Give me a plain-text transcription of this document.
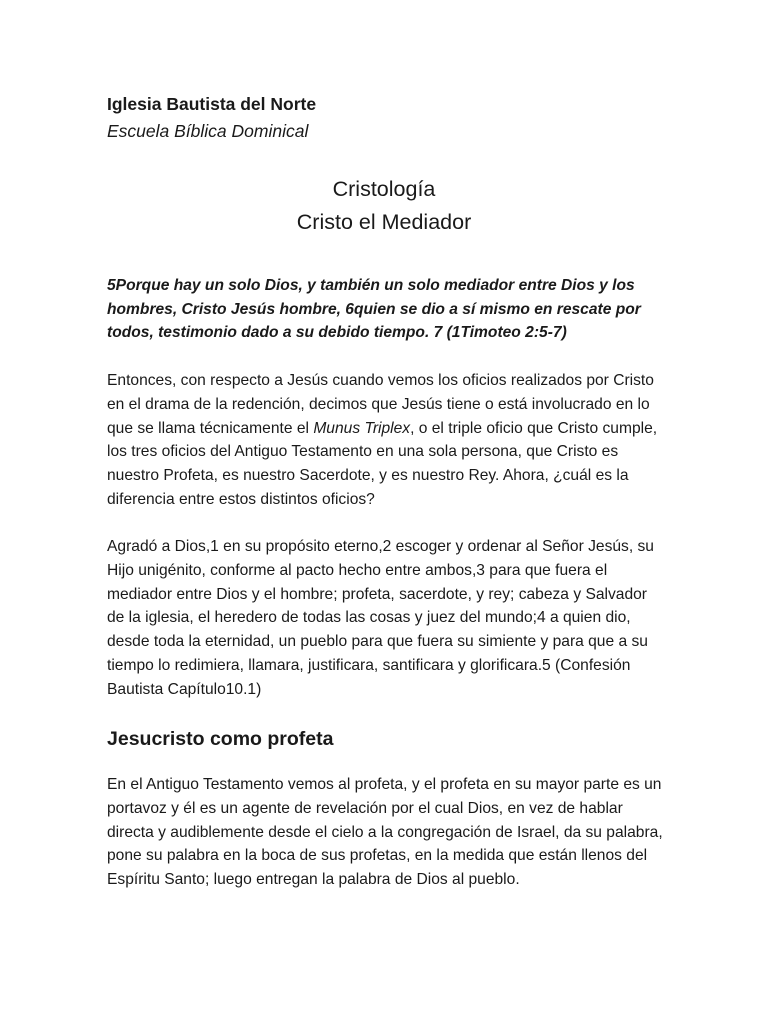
Iglesia Bautista del Norte

Escuela Bíblica Dominical

Cristología
Cristo el Mediador

5Porque hay un solo Dios, y también un solo mediador entre Dios y los hombres, Cristo Jesús hombre, 6quien se dio a sí mismo en rescate por todos, testimonio dado a su debido tiempo. 7 (1Timoteo 2:5-7)

Entonces, con respecto a Jesús cuando vemos los oficios realizados por Cristo en el drama de la redención, decimos que Jesús tiene o está involucrado en lo que se llama técnicamente el Munus Triplex, o el triple oficio que Cristo cumple, los tres oficios del Antiguo Testamento en una sola persona, que Cristo es nuestro Profeta, es nuestro Sacerdote, y es nuestro Rey. Ahora, ¿cuál es la diferencia entre estos distintos oficios?

Agradó a Dios,1 en su propósito eterno,2 escoger y ordenar al Señor Jesús, su Hijo unigénito, conforme al pacto hecho entre ambos,3 para que fuera el mediador entre Dios y el hombre; profeta, sacerdote, y rey; cabeza y Salvador de la iglesia, el heredero de todas las cosas y juez del mundo;4 a quien dio, desde toda la eternidad, un pueblo para que fuera su simiente y para que a su tiempo lo redimiera, llamara, justificara, santificara y glorificara.5 (Confesión Bautista Capítulo10.1)

Jesucristo como profeta

En el Antiguo Testamento vemos al profeta, y el profeta en su mayor parte es un portavoz y él es un agente de revelación por el cual Dios, en vez de hablar directa y audiblemente desde el cielo a la congregación de Israel, da su palabra, pone su palabra en la boca de sus profetas, en la medida que están llenos del Espíritu Santo; luego entregan la palabra de Dios al pueblo.
